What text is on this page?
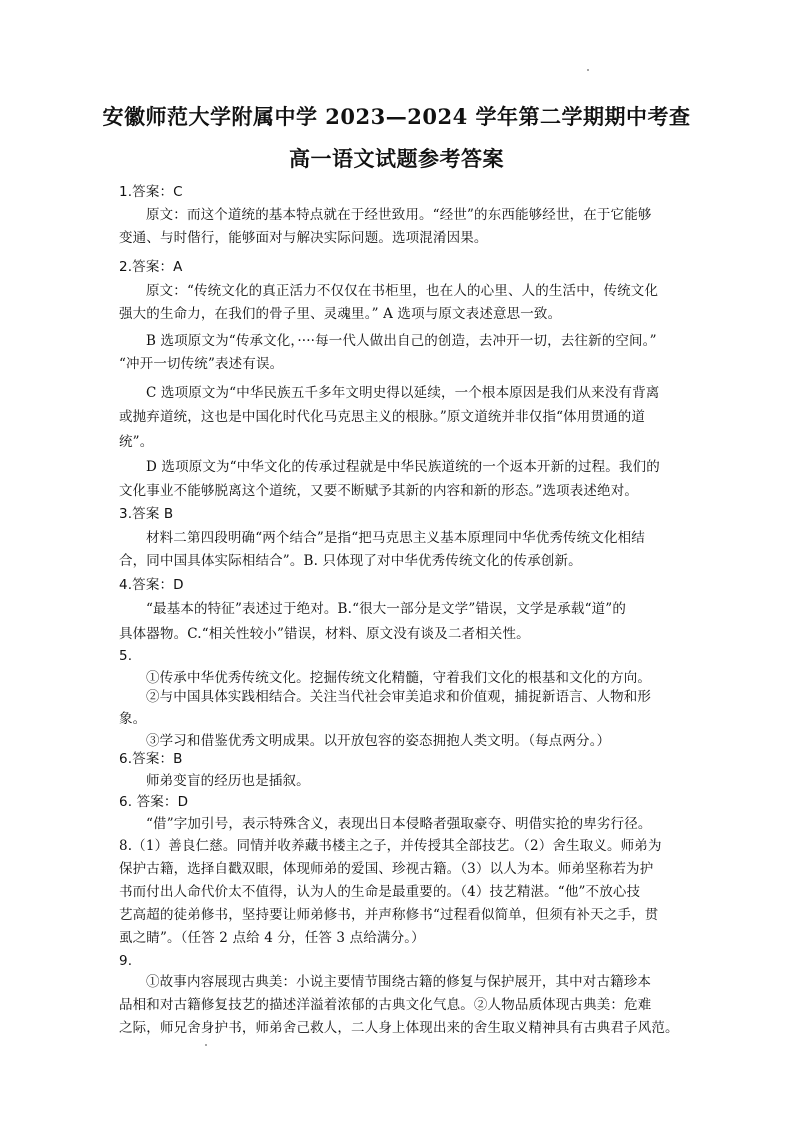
安徽师范大学附属中学 2023—2024 学年第二学期期中考查
高一语文试题参考答案
1.答案：C
原文：而这个道统的基本特点就在于经世致用。“经世”的东西能够经世，在于它能够
变通、与时偕行，能够面对与解决实际问题。选项混淆因果。
2.答案：A
原文：“传统文化的真正活力不仅仅在书柜里，也在人的心里、人的生活中，传统文化
强大的生命力，在我们的骨子里、灵魂里。” A 选项与原文表述意思一致。
B 选项原文为“传承文化，····每一代人做出自己的创造，去冲开一切，去往新的空间。”
“冲开一切传统”表述有误。
C 选项原文为“中华民族五千多年文明史得以延续，一个根本原因是我们从来没有背离
或抛弃道统，这也是中国化时代化马克思主义的根脉。”原文道统并非仅指“体用贯通的道
统”。
D 选项原文为“中华文化的传承过程就是中华民族道统的一个返本开新的过程。我们的
文化事业不能够脱离这个道统，又要不断赋予其新的内容和新的形态。”选项表述绝对。
3.答案 B
材料二第四段明确“两个结合”是指“把马克思主义基本原理同中华优秀传统文化相结
合，同中国具体实际相结合”。B. 只体现了对中华优秀传统文化的传承创新。
4.答案：D
“最基本的特征”表述过于绝对。B.“很大一部分是文学”错误，文学是承载“道”的
具体器物。C.“相关性较小”错误，材料、原文没有谈及二者相关性。
5.
①传承中华优秀传统文化。挖掘传统文化精髓，守着我们文化的根基和文化的方向。
②与中国具体实践相结合。关注当代社会审美追求和价值观，捕捉新语言、人物和形
象。
③学习和借鉴优秀文明成果。以开放包容的姿态拥抱人类文明。（每点两分。）
6.答案：B
师弟变盲的经历也是插叙。
6. 答案：D
“借”字加引号，表示特殊含义，表现出日本侵略者强取豪夺、明借实抢的卑劣行径。
8.（1）善良仁慈。同情并收养藏书楼主之子，并传授其全部技艺。（2）舍生取义。师弟为
保护古籍，选择自戳双眼，体现师弟的爱国、珍视古籍。（3）以人为本。师弟坚称若为护
书而付出人命代价太不值得，认为人的生命是最重要的。（4）技艺精湛。“他”不放心技
艺高超的徒弟修书，坚持要让师弟修书，并声称修书“过程看似简单，但须有补天之手，贯
虱之睛”。（任答 2 点给 4 分，任答 3 点给满分。）
9.
①故事内容展现古典美：小说主要情节围绕古籍的修复与保护展开，其中对古籍珍本
品相和对古籍修复技艺的描述洋溢着浓郁的古典文化气息。②人物品质体现古典美：危难
之际，师兄舍身护书，师弟舍己救人，二人身上体现出来的舍生取义精神具有古典君子风范。
